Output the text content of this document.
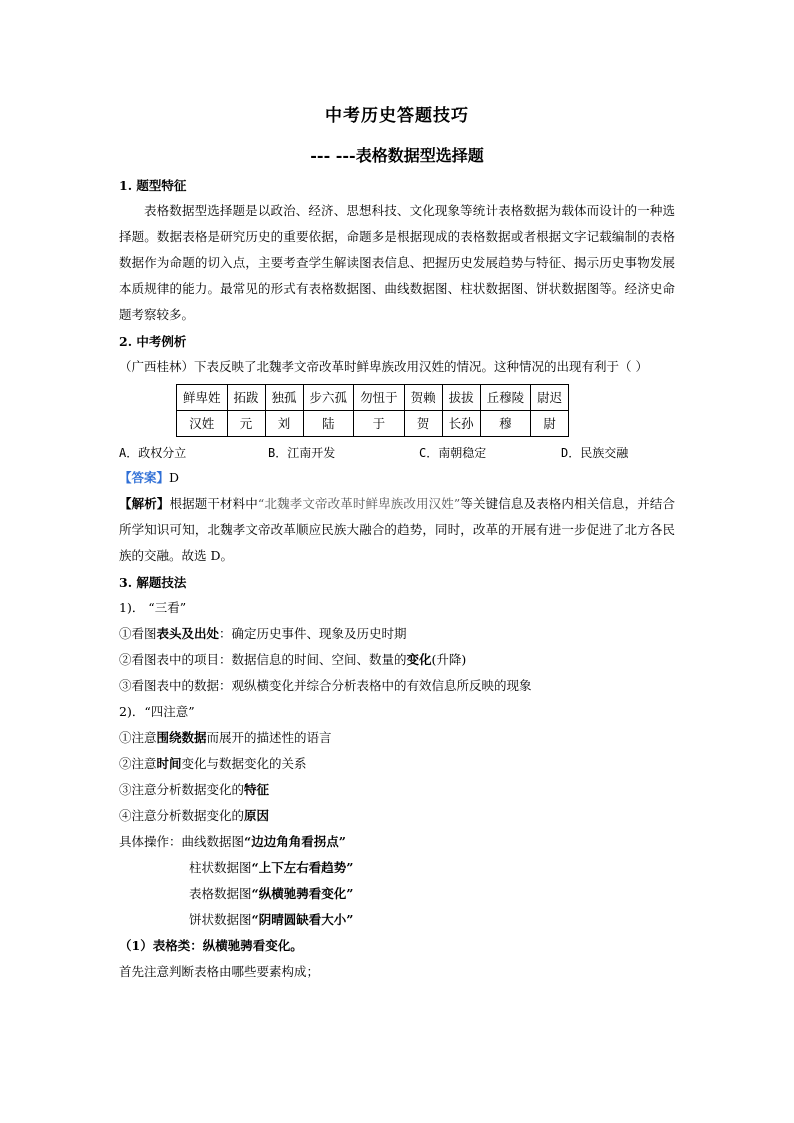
中考历史答题技巧
--- ---表格数据型选择题

1. 题型特征

表格数据型选择题是以政治、经济、思想科技、文化现象等统计表格数据为载体而设计的一种选择题。数据表格是研究历史的重要依据，命题多是根据现成的表格数据或者根据文字记载编制的表格数据作为命题的切入点，主要考查学生解读图表信息、把握历史发展趋势与特征、揭示历史事物发展本质规律的能力。最常见的形式有表格数据图、曲线数据图、柱状数据图、饼状数据图等。经济史命题考察较多。

2. 中考例析

（广西桂林）下表反映了北魏孝文帝改革时鲜卑族改用汉姓的情况。这种情况的出现有利于（ ）

鲜卑姓	拓跋	独孤	步六孤	勿忸于	贺赖	拔拔	丘穆陵	尉迟
汉姓	元	刘	陆	于	贺	长孙	穆	尉
A．政权分立	B．江南开发	C．南朝稳定	D．民族交融

【答案】D

【解析】根据题干材料中“北魏孝文帝改革时鲜卑族改用汉姓”等关键信息及表格内相关信息，并结合所学知识可知，北魏孝文帝改革顺应民族大融合的趋势，同时，改革的开展有进一步促进了北方各民族的交融。故选 D。

3. 解题技法

1)． “三看”

①看图表头及出处：确定历史事件、现象及历史时期

②看图表中的项目：数据信息的时间、空间、数量的变化(升降)

③看图表中的数据：观纵横变化并综合分析表格中的有效信息所反映的现象

2)．“四注意”

①注意围绕数据而展开的描述性的语言

②注意时间变化与数据变化的关系

③注意分析数据变化的特征

④注意分析数据变化的原因

具体操作：曲线数据图“边边角角看拐点”

柱状数据图“上下左右看趋势”

表格数据图“纵横驰骋看变化”

饼状数据图“阴晴圆缺看大小”

（1）表格类：纵横驰骋看变化。

首先注意判断表格由哪些要素构成；
